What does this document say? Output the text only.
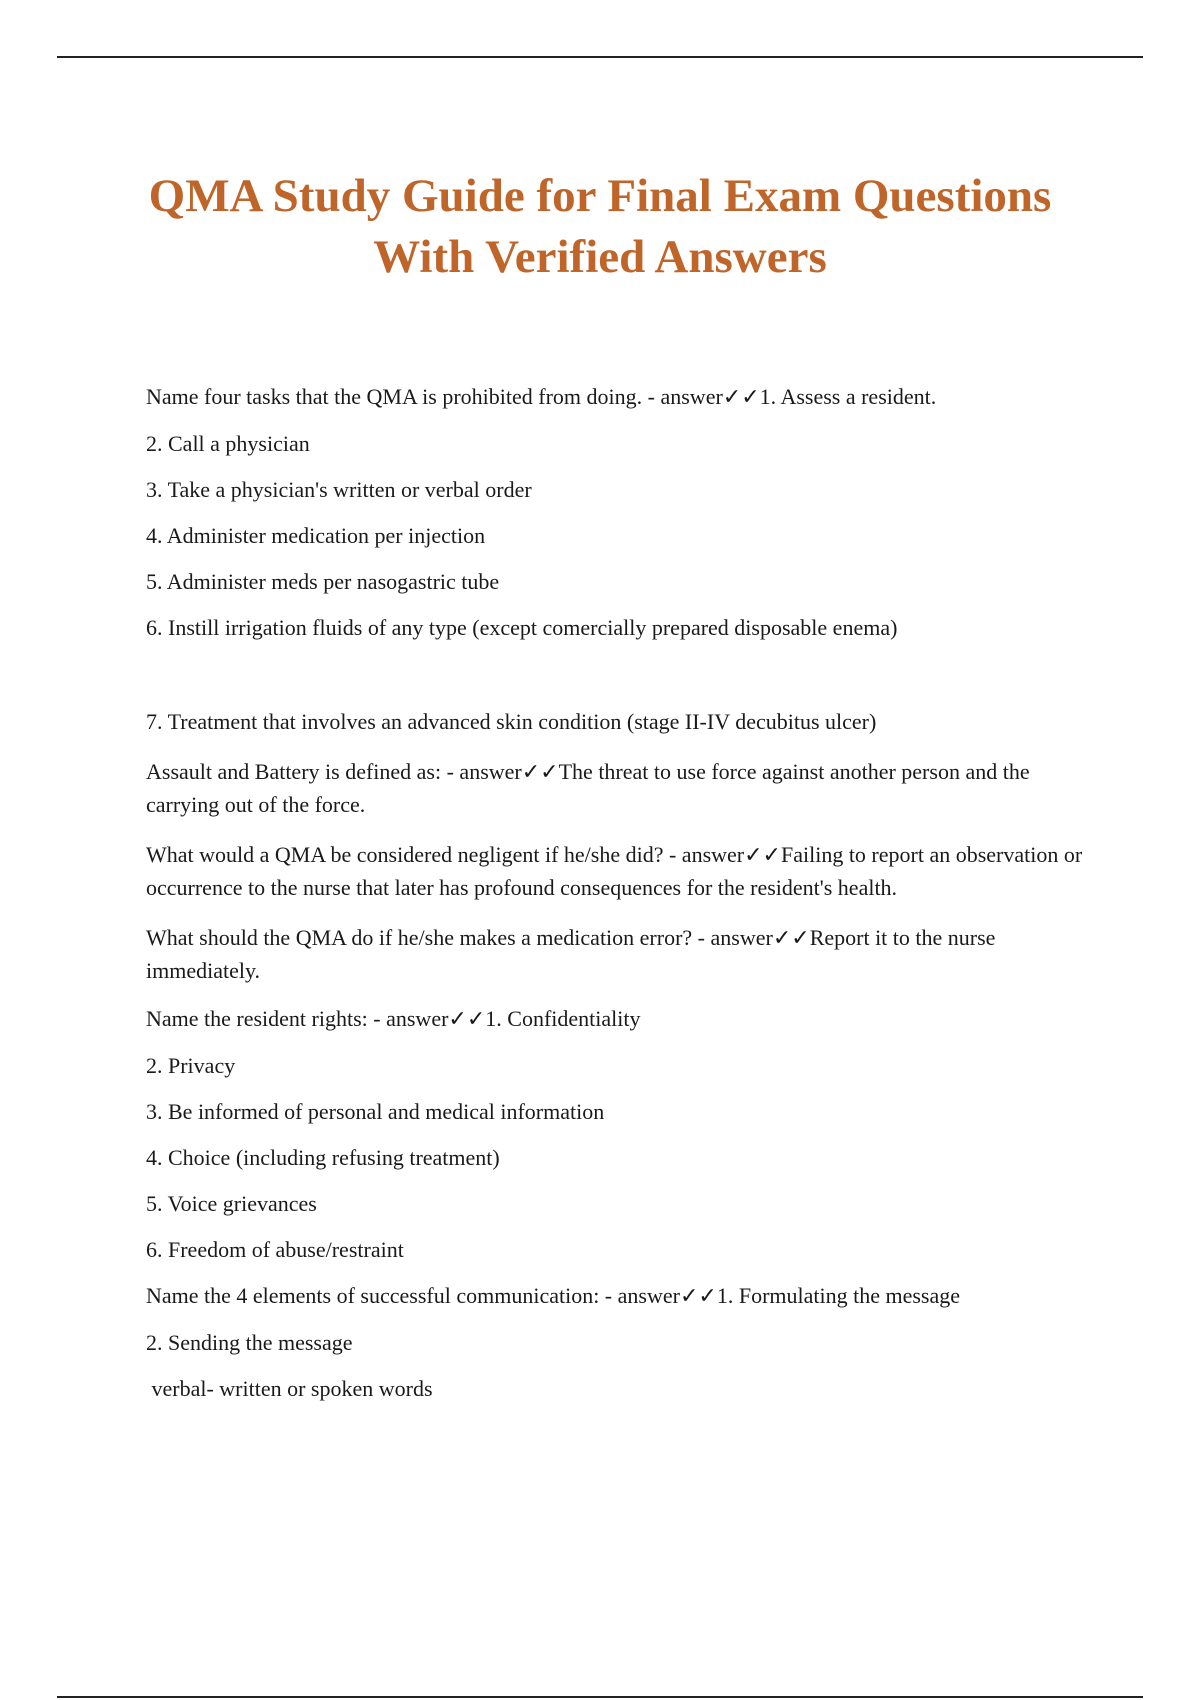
QMA Study Guide for Final Exam Questions
With Verified Answers

Name four tasks that the QMA is prohibited from doing. - answer✓✓1. Assess a resident.

2. Call a physician

3. Take a physician's written or verbal order

4. Administer medication per injection

5. Administer meds per nasogastric tube

6. Instill irrigation fluids of any type (except comercially prepared disposable enema)

7. Treatment that involves an advanced skin condition (stage II-IV decubitus ulcer)

Assault and Battery is defined as: - answer✓✓The threat to use force against another person and the carrying out of the force.

What would a QMA be considered negligent if he/she did? - answer✓✓Failing to report an observation or occurrence to the nurse that later has profound consequences for the resident's health.

What should the QMA do if he/she makes a medication error? - answer✓✓Report it to the nurse immediately.

Name the resident rights: - answer✓✓1. Confidentiality

2. Privacy

3. Be informed of personal and medical information

4. Choice (including refusing treatment)

5. Voice grievances

6. Freedom of abuse/restraint

Name the 4 elements of successful communication: - answer✓✓1. Formulating the message

2. Sending the message

verbal- written or spoken words
